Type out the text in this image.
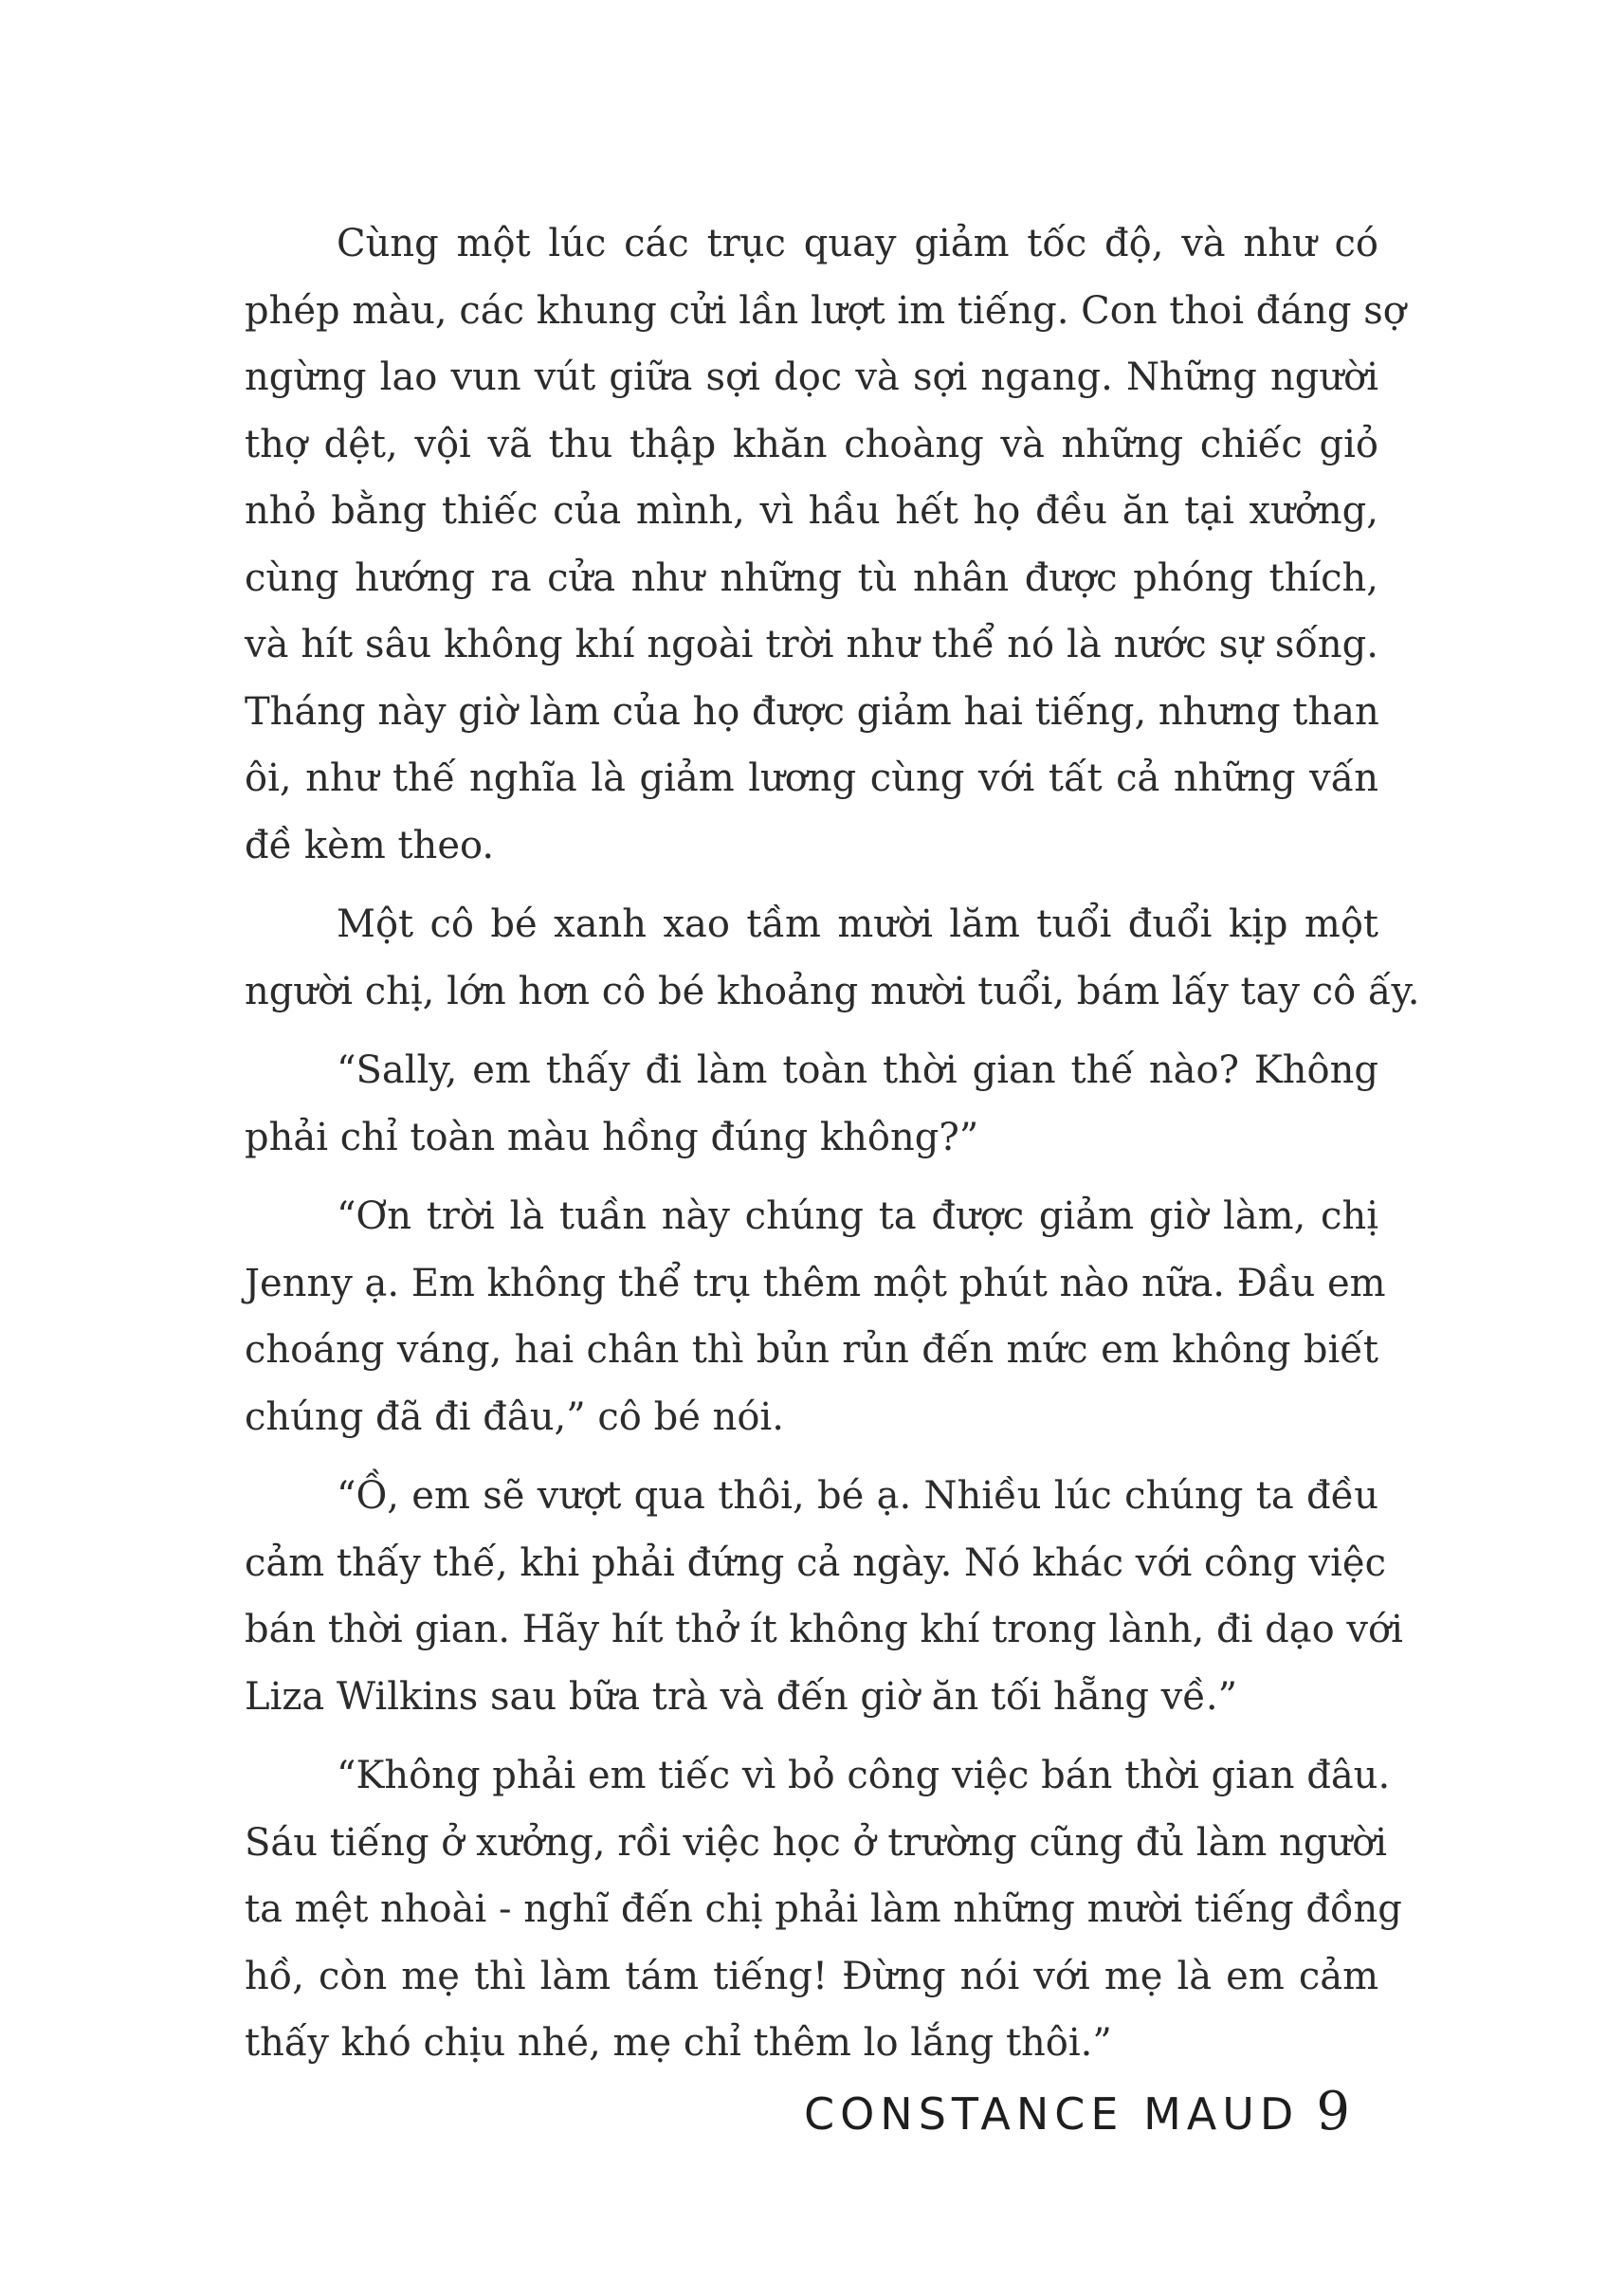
Cùng một lúc các trục quay giảm tốc độ, và như có
phép màu, các khung cửi lần lượt im tiếng. Con thoi đáng sợ
ngừng lao vun vút giữa sợi dọc và sợi ngang. Những người
thợ dệt, vội vã thu thập khăn choàng và những chiếc giỏ
nhỏ bằng thiếc của mình, vì hầu hết họ đều ăn tại xưởng,
cùng hướng ra cửa như những tù nhân được phóng thích,
và hít sâu không khí ngoài trời như thể nó là nước sự sống.
Tháng này giờ làm của họ được giảm hai tiếng, nhưng than
ôi, như thế nghĩa là giảm lương cùng với tất cả những vấn
đề kèm theo.
Một cô bé xanh xao tầm mười lăm tuổi đuổi kịp một
người chị, lớn hơn cô bé khoảng mười tuổi, bám lấy tay cô ấy.
“Sally, em thấy đi làm toàn thời gian thế nào? Không
phải chỉ toàn màu hồng đúng không?”
“Ơn trời là tuần này chúng ta được giảm giờ làm, chị
Jenny ạ. Em không thể trụ thêm một phút nào nữa. Đầu em
choáng váng, hai chân thì bủn rủn đến mức em không biết
chúng đã đi đâu,” cô bé nói.
“Ồ, em sẽ vượt qua thôi, bé ạ. Nhiều lúc chúng ta đều
cảm thấy thế, khi phải đứng cả ngày. Nó khác với công việc
bán thời gian. Hãy hít thở ít không khí trong lành, đi dạo với
Liza Wilkins sau bữa trà và đến giờ ăn tối hẵng về.”
“Không phải em tiếc vì bỏ công việc bán thời gian đâu.
Sáu tiếng ở xưởng, rồi việc học ở trường cũng đủ làm người
ta mệt nhoài - nghĩ đến chị phải làm những mười tiếng đồng
hồ, còn mẹ thì làm tám tiếng! Đừng nói với mẹ là em cảm
thấy khó chịu nhé, mẹ chỉ thêm lo lắng thôi.”
CONSTANCE MAUD 9
